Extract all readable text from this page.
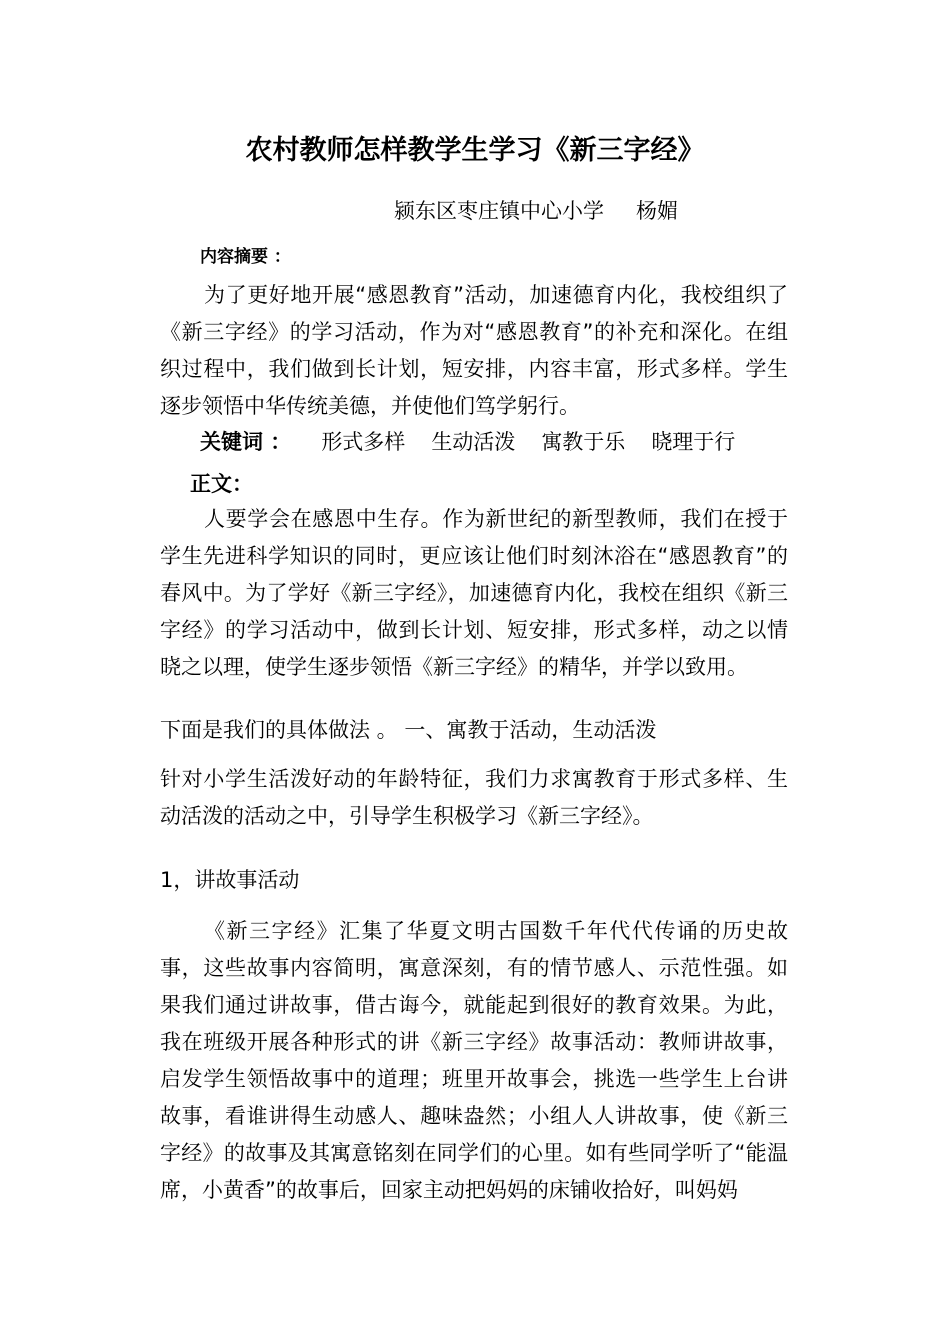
农村教师怎样教学生学习《新三字经》
颍东区枣庄镇中心小学 杨媚
内容摘要 ：
为了更好地开展“感恩教育”活动，加速德育内化，我校组织了《新三字经》的学习活动，作为对“感恩教育”的补充和深化。在组织过程中，我们做到长计划，短安排，内容丰富，形式多样。学生逐步领悟中华传统美德，并使他们笃学躬行。
关键词 ： 形式多样 生动活泼 寓教于乐 晓理于行
正文：
人要学会在感恩中生存。作为新世纪的新型教师，我们在授于学生先进科学知识的同时，更应该让他们时刻沐浴在“感恩教育”的春风中。为了学好《新三字经》，加速德育内化，我校在组织《新三字经》的学习活动中，做到长计划、短安排，形式多样，动之以情晓之以理，使学生逐步领悟《新三字经》的精华，并学以致用。
下面是我们的具体做法 。 一、寓教于活动，生动活泼
针对小学生活泼好动的年龄特征，我们力求寓教育于形式多样、生动活泼的活动之中，引导学生积极学习《新三字经》。
1，讲故事活动
《新三字经》汇集了华夏文明古国数千年代代传诵的历史故事，这些故事内容简明，寓意深刻，有的情节感人、示范性强。如果我们通过讲故事，借古诲今，就能起到很好的教育效果。为此，我在班级开展各种形式的讲《新三字经》故事活动：教师讲故事，启发学生领悟故事中的道理；班里开故事会，挑选一些学生上台讲故事，看谁讲得生动感人、趣味盎然；小组人人讲故事，使《新三字经》的故事及其寓意铭刻在同学们的心里。如有些同学听了“能温席，小黄香”的故事后，回家主动把妈妈的床铺收拾好，叫妈妈
